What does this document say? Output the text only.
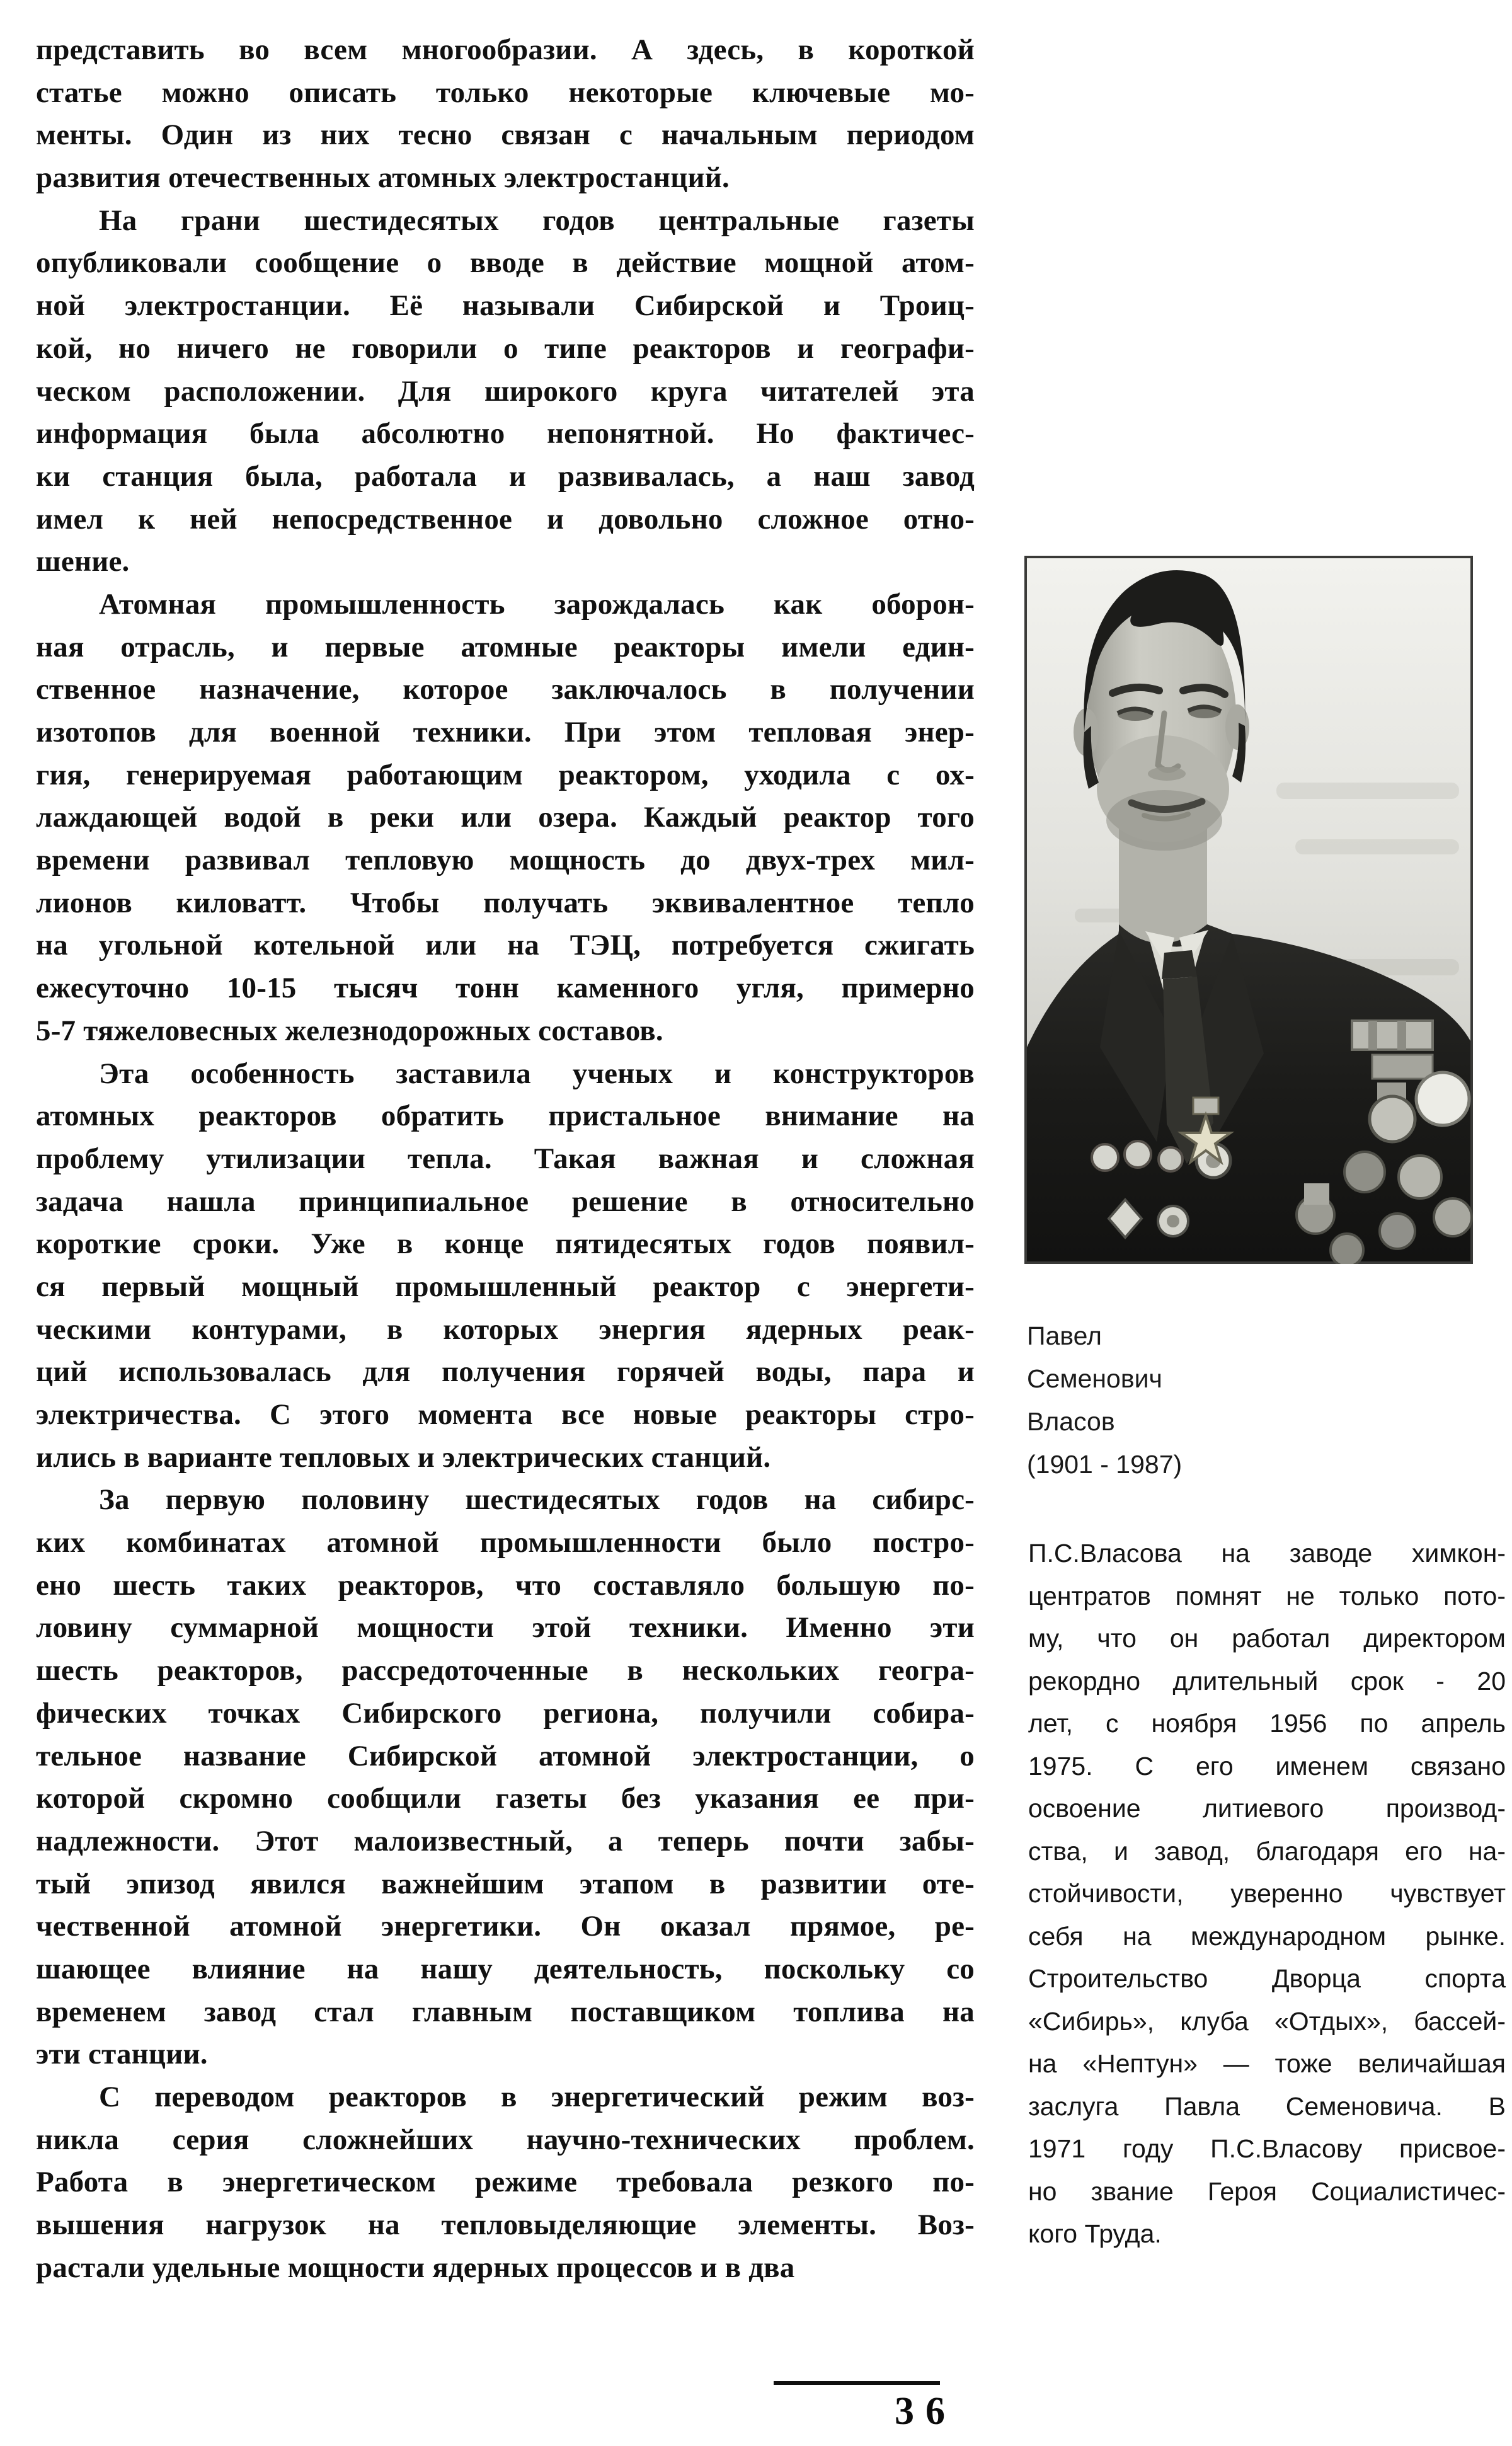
представить во всем многообразии. А здесь, в короткой
статье можно описать только некоторые ключевые мо-
менты. Один из них тесно связан с начальным периодом
развития отечественных атомных электростанций.
На грани шестидесятых годов центральные газеты
опубликовали сообщение о вводе в действие мощной атом-
ной электростанции. Её называли Сибирской и Троиц-
кой, но ничего не говорили о типе реакторов и географи-
ческом расположении. Для широкого круга читателей эта
информация была абсолютно непонятной. Но фактичес-
ки станция была, работала и развивалась, а наш завод
имел к ней непосредственное и довольно сложное отно-
шение.
Атомная промышленность зарождалась как оборон-
ная отрасль, и первые атомные реакторы имели един-
ственное назначение, которое заключалось в получении
изотопов для военной техники. При этом тепловая энер-
гия, генерируемая работающим реактором, уходила с ох-
лаждающей водой в реки или озера. Каждый реактор того
времени развивал тепловую мощность до двух-трех мил-
лионов киловатт. Чтобы получать эквивалентное тепло
на угольной котельной или на ТЭЦ, потребуется сжигать
ежесуточно 10-15 тысяч тонн каменного угля, примерно
5-7 тяжеловесных железнодорожных составов.
Эта особенность заставила ученых и конструкторов
атомных реакторов обратить пристальное внимание на
проблему утилизации тепла. Такая важная и сложная
задача нашла принципиальное решение в относительно
короткие сроки. Уже в конце пятидесятых годов появил-
ся первый мощный промышленный реактор с энергети-
ческими контурами, в которых энергия ядерных реак-
ций использовалась для получения горячей воды, пара и
электричества. С этого момента все новые реакторы стро-
ились в варианте тепловых и электрических станций.
За первую половину шестидесятых годов на сибирс-
ких комбинатах атомной промышленности было постро-
ено шесть таких реакторов, что составляло большую по-
ловину суммарной мощности этой техники. Именно эти
шесть реакторов, рассредоточенные в нескольких геогра-
фических точках Сибирского региона, получили собира-
тельное название Сибирской атомной электростанции, о
которой скромно сообщили газеты без указания ее при-
надлежности. Этот малоизвестный, а теперь почти забы-
тый эпизод явился важнейшим этапом в развитии оте-
чественной атомной энергетики. Он оказал прямое, ре-
шающее влияние на нашу деятельность, поскольку со
временем завод стал главным поставщиком топлива на
эти станции.
С переводом реакторов в энергетический режим воз-
никла серия сложнейших научно-технических проблем.
Работа в энергетическом режиме требовала резкого по-
вышения нагрузок на тепловыделяющие элементы. Воз-
растали удельные мощности ядерных процессов и в два
Павел
Семенович
Власов
(1901 - 1987)
П.С.Власова на заводе химкон-
центратов помнят не только пото-
му, что он работал директором
рекордно длительный срок - 20
лет, с ноября 1956 по апрель
1975. С его именем связано
освоение литиевого производ-
ства, и завод, благодаря его на-
стойчивости, уверенно чувствует
себя на международном рынке.
Строительство Дворца спорта
«Сибирь», клуба «Отдых», бассей-
на «Нептун» — тоже величайшая
заслуга Павла Семеновича. В
1971 году П.С.Власову присвое-
но звание Героя Социалистичес-
кого Труда.
36
